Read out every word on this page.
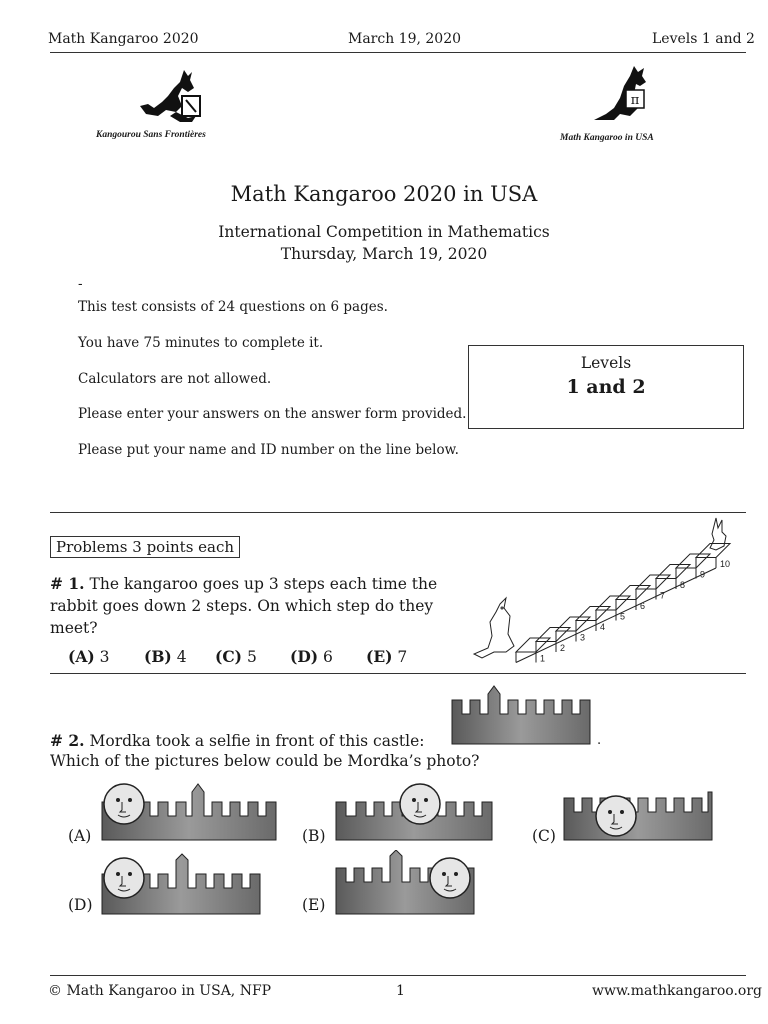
Math Kangaroo 2020	March 19, 2020	Levels 1 and 2
Kangourou Sans Frontières
π
Math Kangaroo in USA
Math Kangaroo 2020 in USA
International Competition in Mathematics
Thursday, March 19, 2020
-
This test consists of 24 questions on 6 pages.
You have 75 minutes to complete it.
Calculators are not allowed.
Please enter your answers on the answer form provided.
Please put your name and ID number on the line below.
Levels
1 and 2
Problems 3 points each
# 1. The kangaroo goes up 3 steps each time the
rabbit goes down 2 steps. On which step do they
meet?
(A) 3 (B) 4 (C) 5 (D) 6 (E) 7	1
2
3
4
5
6
7
8
9
10
# 2. Mordka took a selfie in front of this castle:
Which of the pictures below could be Mordka’s photo?
.
(A)	(B)	(C)
(D)	(E)
© Math Kangaroo in USA, NFP	1	www.mathkangaroo.org
